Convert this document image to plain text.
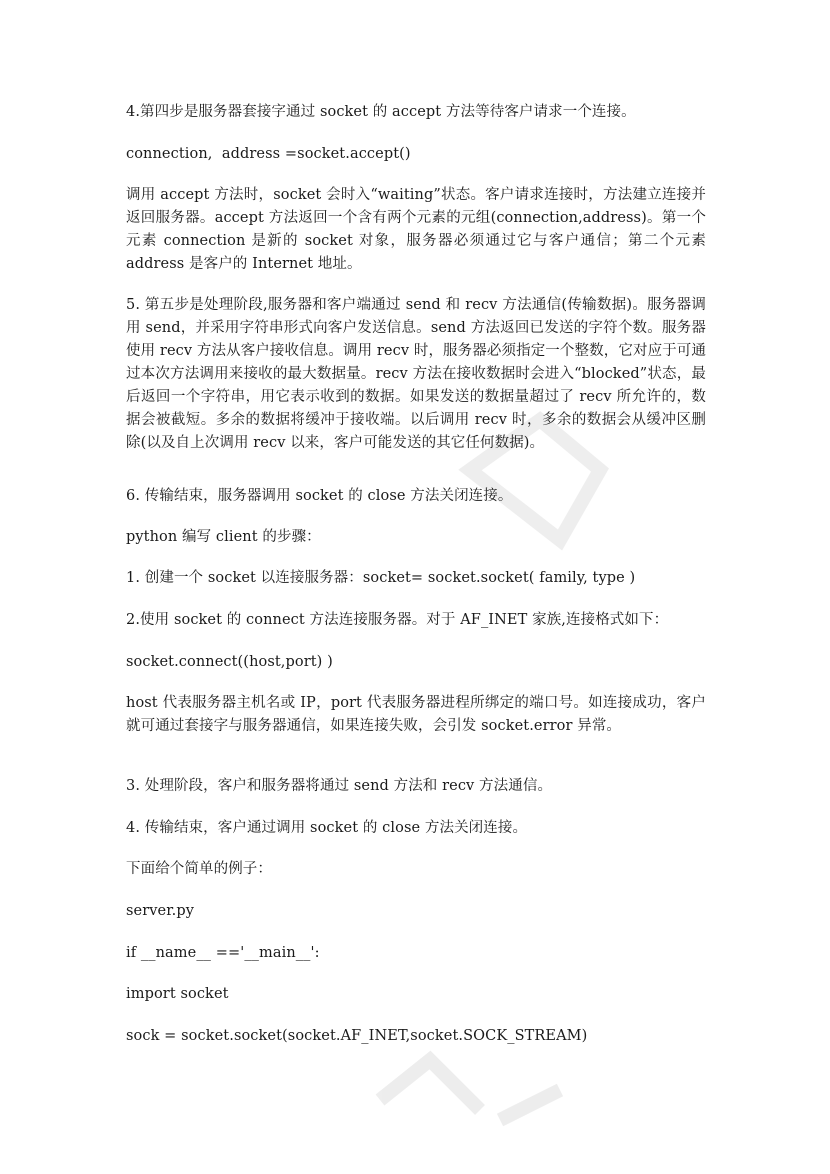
4.第四步是服务器套接字通过 socket 的 accept 方法等待客户请求一个连接。

connection,  address =socket.accept()

调用 accept 方法时，socket 会时入“waiting”状态。客户请求连接时，方法建立连接并返回服务器。accept 方法返回一个含有两个元素的元组(connection,address)。第一个元素 connection 是新的 socket 对象，服务器必须通过它与客户通信；第二个元素 address 是客户的 Internet 地址。

5. 第五步是处理阶段,服务器和客户端通过 send 和 recv 方法通信(传输数据)。服务器调用 send，并采用字符串形式向客户发送信息。send 方法返回已发送的字符个数。服务器使用 recv 方法从客户接收信息。调用 recv 时，服务器必须指定一个整数，它对应于可通过本次方法调用来接收的最大数据量。recv 方法在接收数据时会进入“blocked”状态，最后返回一个字符串，用它表示收到的数据。如果发送的数据量超过了 recv 所允许的，数据会被截短。多余的数据将缓冲于接收端。以后调用 recv 时，多余的数据会从缓冲区删除(以及自上次调用 recv 以来，客户可能发送的其它任何数据)。

6. 传输结束，服务器调用 socket 的 close 方法关闭连接。

python 编写 client 的步骤：

1. 创建一个 socket 以连接服务器：socket= socket.socket( family, type )

2.使用 socket 的 connect 方法连接服务器。对于 AF_INET 家族,连接格式如下：

socket.connect((host,port) )

host 代表服务器主机名或 IP，port 代表服务器进程所绑定的端口号。如连接成功，客户就可通过套接字与服务器通信，如果连接失败，会引发 socket.error 异常。

3. 处理阶段，客户和服务器将通过 send 方法和 recv 方法通信。

4. 传输结束，客户通过调用 socket 的 close 方法关闭连接。

下面给个简单的例子：

server.py

if __name__ =='__main__':

import socket

sock = socket.socket(socket.AF_INET,socket.SOCK_STREAM)
